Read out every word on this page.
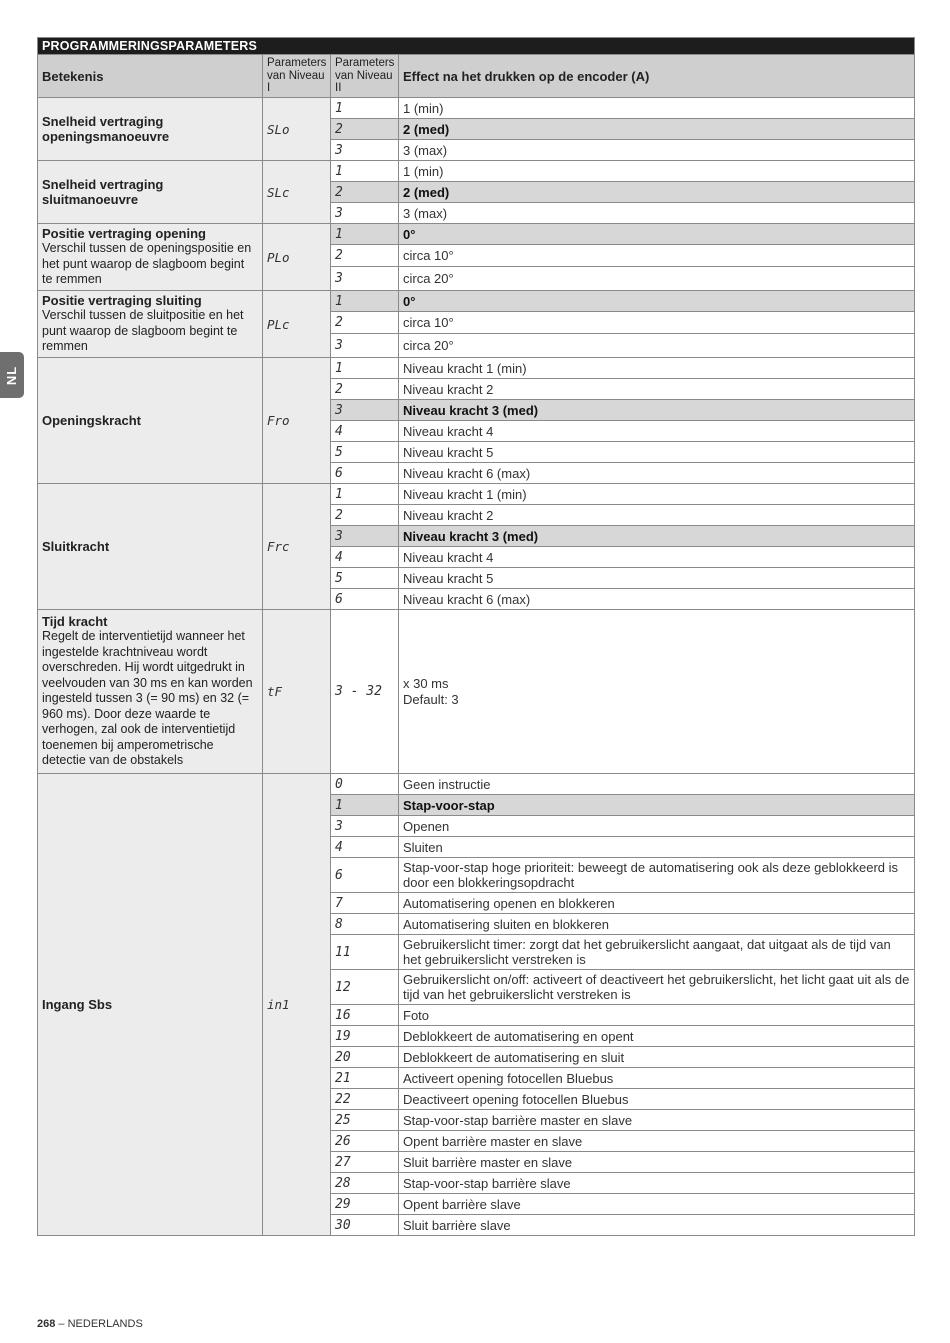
NL
PROGRAMMERINGSPARAMETERS			
Betekenis	Parameters van Niveau I	Parameters van Niveau II	Effect na het drukken op de encoder (A)

Snelheid vertraging openingsmanoeuvre	SLo	1	1 (min)
		2	2 (med)
		3	3 (max)

Snelheid vertraging sluitmanoeuvre	SLc	1	1 (min)
		2	2 (med)
		3	3 (max)

Positie vertraging opening
Verschil tussen de openingspositie en het punt waarop de slagboom begint te remmen	PLo	1	0°
		2	circa 10°
		3	circa 20°

Positie vertraging sluiting
Verschil tussen de sluitpositie en het punt waarop de slagboom begint te remmen	PLc	1	0°
		2	circa 10°
		3	circa 20°

Openingskracht	Fro	1	Niveau kracht 1 (min)
		2	Niveau kracht 2
		3	Niveau kracht 3 (med)
		4	Niveau kracht 4
		5	Niveau kracht 5
		6	Niveau kracht 6 (max)

Sluitkracht	Frc	1	Niveau kracht 1 (min)
		2	Niveau kracht 2
		3	Niveau kracht 3 (med)
		4	Niveau kracht 4
		5	Niveau kracht 5
		6	Niveau kracht 6 (max)

Tijd kracht
Regelt de interventietijd wanneer het ingestelde krachtniveau wordt overschreden. Hij wordt uitgedrukt in veelvouden van 30 ms en kan worden ingesteld tussen 3 (= 90 ms) en 32 (= 960 ms). Door deze waarde te verhogen, zal ook de interventietijd toenemen bij amperometrische detectie van de obstakels	tF	3 - 32	x 30 ms
Default: 3

Ingang Sbs	in1	0	Geen instructie
		1	Stap-voor-stap
		3	Openen
		4	Sluiten
		6	Stap-voor-stap hoge prioriteit: beweegt de automatisering ook als deze geblokkeerd is door een blokkeringsopdracht
		7	Automatisering openen en blokkeren
		8	Automatisering sluiten en blokkeren
		11	Gebruikerslicht timer: zorgt dat het gebruikerslicht aangaat, dat uitgaat als de tijd van het gebruikerslicht verstreken is
		12	Gebruikerslicht on/off: activeert of deactiveert het gebruikerslicht, het licht gaat uit als de tijd van het gebruikerslicht verstreken is
		16	Foto
		19	Deblokkeert de automatisering en opent
		20	Deblokkeert de automatisering en sluit
		21	Activeert opening fotocellen Bluebus
		22	Deactiveert opening fotocellen Bluebus
		25	Stap-voor-stap barrière master en slave
		26	Opent barrière master en slave
		27	Sluit barrière master en slave
		28	Stap-voor-stap barrière slave
		29	Opent barrière slave
		30	Sluit barrière slave
268 – NEDERLANDS
